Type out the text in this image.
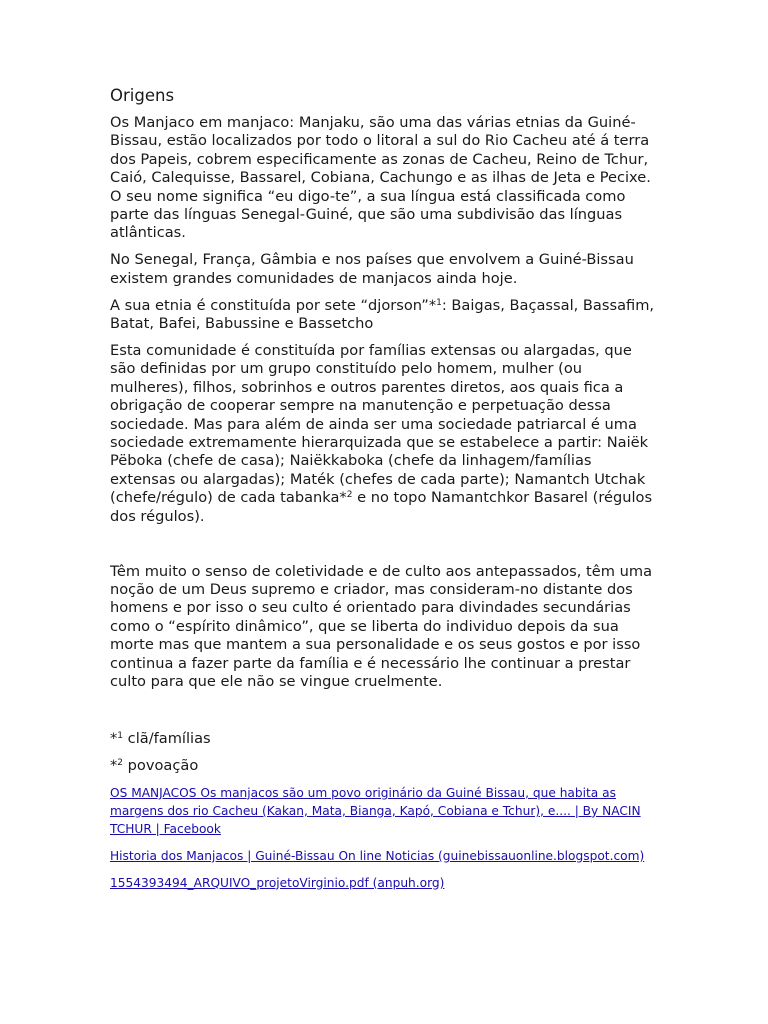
Origens

Os Manjaco em manjaco: Manjaku, são uma das várias etnias da Guiné-Bissau, estão localizados por todo o litoral a sul do Rio Cacheu até á terra dos Papeis, cobrem especificamente as zonas de Cacheu, Reino de Tchur, Caió, Calequisse, Bassarel, Cobiana, Cachungo e as ilhas de Jeta e Pecixe. O seu nome significa “eu digo-te”, a sua língua está classificada como parte das línguas Senegal-Guiné, que são uma subdivisão das línguas atlânticas.

No Senegal, França, Gâmbia e nos países que envolvem a Guiné-Bissau existem grandes comunidades de manjacos ainda hoje.

A sua etnia é constituída por sete “djorson”*$^1$: Baigas, Baçassal, Bassafim, Batat, Bafei, Babussine e Bassetcho

Esta comunidade é constituída por famílias extensas ou alargadas, que são definidas por um grupo constituído pelo homem, mulher (ou mulheres), filhos, sobrinhos e outros parentes diretos, aos quais fica a obrigação de cooperar sempre na manutenção e perpetuação dessa sociedade. Mas para além de ainda ser uma sociedade patriarcal é uma sociedade extremamente hierarquizada que se estabelece a partir: Naiëk Pëboka (chefe de casa); Naiëkkaboka (chefe da linhagem/famílias extensas ou alargadas); Maték (chefes de cada parte); Namantch Utchak (chefe/régulo) de cada tabanka*$^2$ e no topo Namantchkor Basarel (régulos dos régulos).

Têm muito o senso de coletividade e de culto aos antepassados, têm uma noção de um Deus supremo e criador, mas consideram-no distante dos homens e por isso o seu culto é orientado para divindades secundárias como o “espírito dinâmico”, que se liberta do individuo depois da sua morte mas que mantem a sua personalidade e os seus gostos e por isso continua a fazer parte da família e é necessário lhe continuar a prestar culto para que ele não se vingue cruelmente.

*$^1$ clã/famílias

*$^2$ povoação

OS MANJACOS Os manjacos são um povo originário da Guiné Bissau, que habita as margens dos rio Cacheu (Kakan, Mata, Bianga, Kapó, Cobiana e Tchur), e.... | By NACIN TCHUR | Facebook
Historia dos Manjacos | Guiné-Bissau On line Noticias (guinebissauonline.blogspot.com)
1554393494_ARQUIVO_projetoVirginio.pdf (anpuh.org)
